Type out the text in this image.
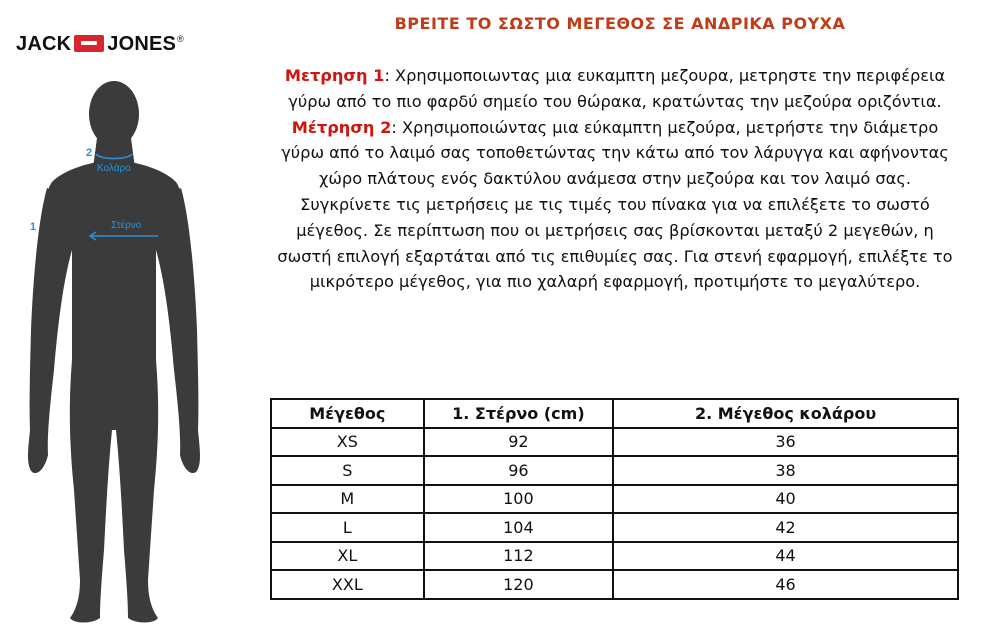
JACK JONES ®
2
Κολάρο
1	Στέρνο
ΒΡΕΙΤΕ ΤΟ ΣΩΣΤΟ ΜΕΓΕΘΟΣ ΣΕ ΑΝΔΡΙΚΑ ΡΟΥΧΑ
Μετρηση 1: Χρησιμοποιωντας μια ευκαμπτη μεζουρα, μετρηστε την περιφέρεια γύρω από το πιο φαρδύ σημείο του θώρακα, κρατώντας την μεζούρα οριζόντια.
Μέτρηση 2: Χρησιμοποιώντας μια εύκαμπτη μεζούρα, μετρήστε την διάμετρο γύρω από το λαιμό σας τοποθετώντας την κάτω από τον λάρυγγα και αφήνοντας χώρο πλάτους ενός δακτύλου ανάμεσα στην μεζούρα και τον λαιμό σας.
Συγκρίνετε τις μετρήσεις με τις τιμές του πίνακα για να επιλέξετε το σωστό μέγεθος. Σε περίπτωση που οι μετρήσεις σας βρίσκονται μεταξύ 2 μεγεθών, η σωστή επιλογή εξαρτάται από τις επιθυμίες σας. Για στενή εφαρμογή, επιλέξτε το μικρότερο μέγεθος, για πιο χαλαρή εφαρμογή, προτιμήστε το μεγαλύτερο.
Μέγεθος	1. Στέρνο (cm)	2. Μέγεθος κολάρου
XS	92	36
S	96	38
M	100	40
L	104	42
XL	112	44
XXL	120	46
